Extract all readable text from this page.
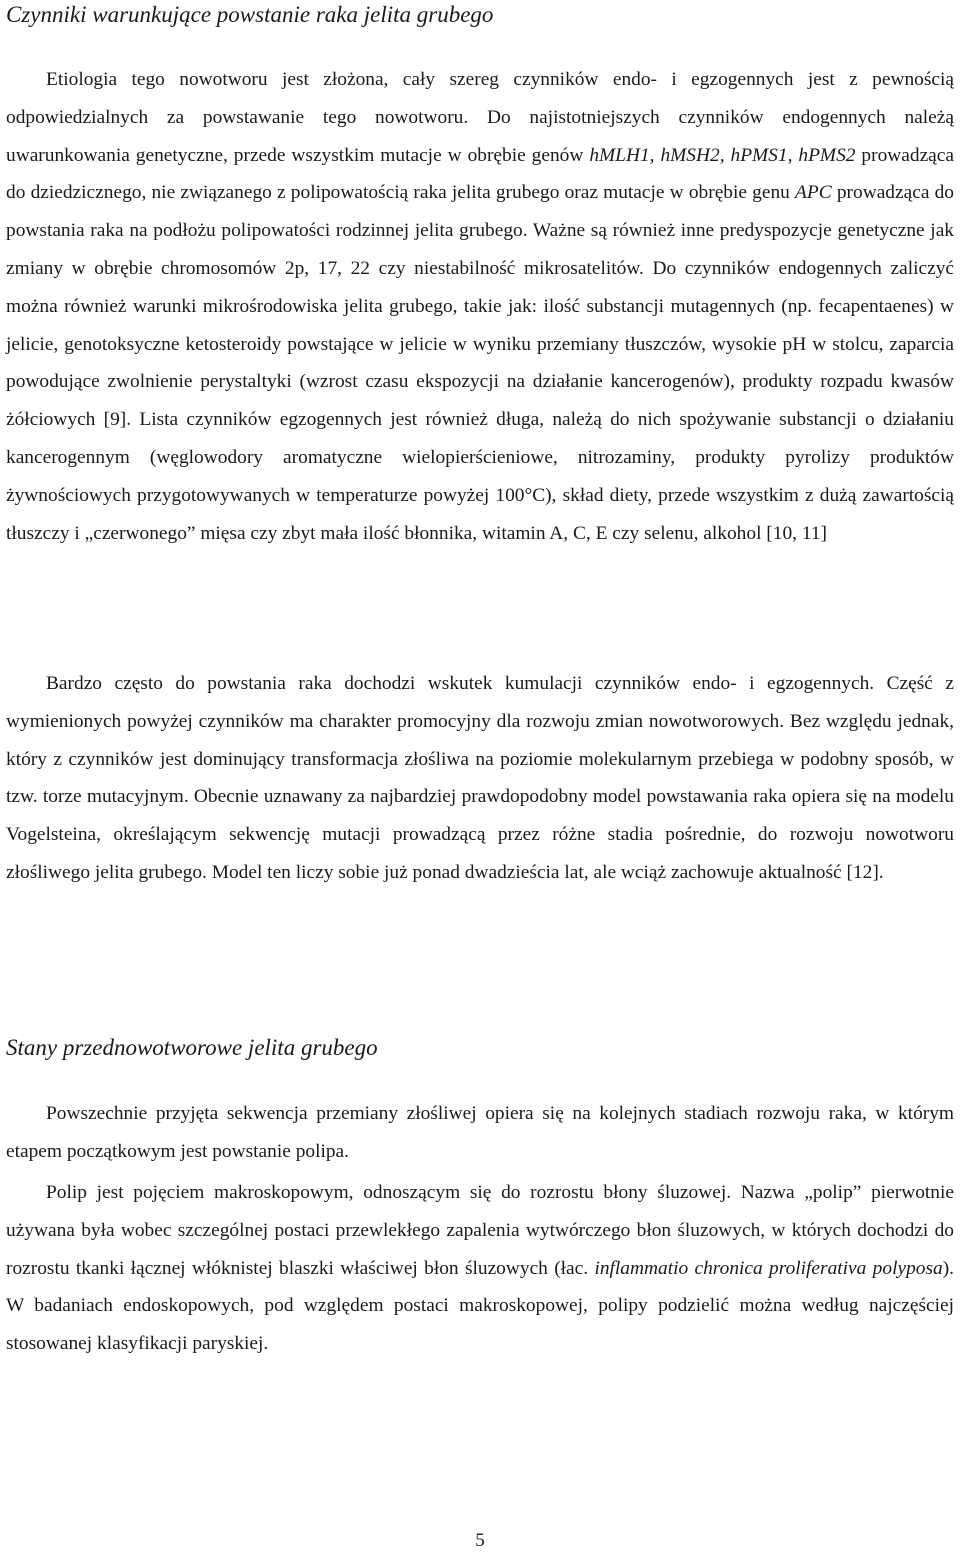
Czynniki warunkujące powstanie raka jelita grubego

Etiologia tego nowotworu jest złożona, cały szereg czynników endo- i egzogennych jest z pewnością odpowiedzialnych za powstawanie tego nowotworu. Do najistotniejszych czynników endogennych należą uwarunkowania genetyczne, przede wszystkim mutacje w obrębie genów hMLH1, hMSH2, hPMS1, hPMS2 prowadząca do dziedzicznego, nie związanego z polipowatością raka jelita grubego oraz mutacje w obrębie genu APC prowadząca do powstania raka na podłożu polipowatości rodzinnej jelita grubego. Ważne są również inne predyspozycje genetyczne jak zmiany w obrębie chromosomów 2p, 17, 22 czy niestabilność mikrosatelitów. Do czynników endogennych zaliczyć można również warunki mikrośrodowiska jelita grubego, takie jak: ilość substancji mutagennych (np. fecapentaenes) w jelicie, genotoksyczne ketosteroidy powstające w jelicie w wyniku przemiany tłuszczów, wysokie pH w stolcu, zaparcia powodujące zwolnienie perystaltyki (wzrost czasu ekspozycji na działanie kancerogenów), produkty rozpadu kwasów żółciowych [9]. Lista czynników egzogennych jest również długa, należą do nich spożywanie substancji o działaniu kancerogennym (węglowodory aromatyczne wielopierścieniowe, nitrozaminy, produkty pyrolizy produktów żywnościowych przygotowywanych w temperaturze powyżej 100°C), skład diety, przede wszystkim z dużą zawartością tłuszczy i „czerwonego” mięsa czy zbyt mała ilość błonnika, witamin A, C, E czy selenu, alkohol [10, 11]

Bardzo często do powstania raka dochodzi wskutek kumulacji czynników endo- i egzogennych. Część z wymienionych powyżej czynników ma charakter promocyjny dla rozwoju zmian nowotworowych. Bez względu jednak, który z czynników jest dominujący transformacja złośliwa na poziomie molekularnym przebiega w podobny sposób, w tzw. torze mutacyjnym. Obecnie uznawany za najbardziej prawdopodobny model powstawania raka opiera się na modelu Vogelsteina, określającym sekwencję mutacji prowadzącą przez różne stadia pośrednie, do rozwoju nowotworu złośliwego jelita grubego. Model ten liczy sobie już ponad dwadzieścia lat, ale wciąż zachowuje aktualność [12].

Stany przednowotworowe jelita grubego

Powszechnie przyjęta sekwencja przemiany złośliwej opiera się na kolejnych stadiach rozwoju raka, w którym etapem początkowym jest powstanie polipa.

Polip jest pojęciem makroskopowym, odnoszącym się do rozrostu błony śluzowej. Nazwa „polip” pierwotnie używana była wobec szczególnej postaci przewlekłego zapalenia wytwórczego błon śluzowych, w których dochodzi do rozrostu tkanki łącznej włóknistej blaszki właściwej błon śluzowych (łac. inflammatio chronica proliferativa polyposa). W badaniach endoskopowych, pod względem postaci makroskopowej, polipy podzielić można według najczęściej stosowanej klasyfikacji paryskiej.

5
